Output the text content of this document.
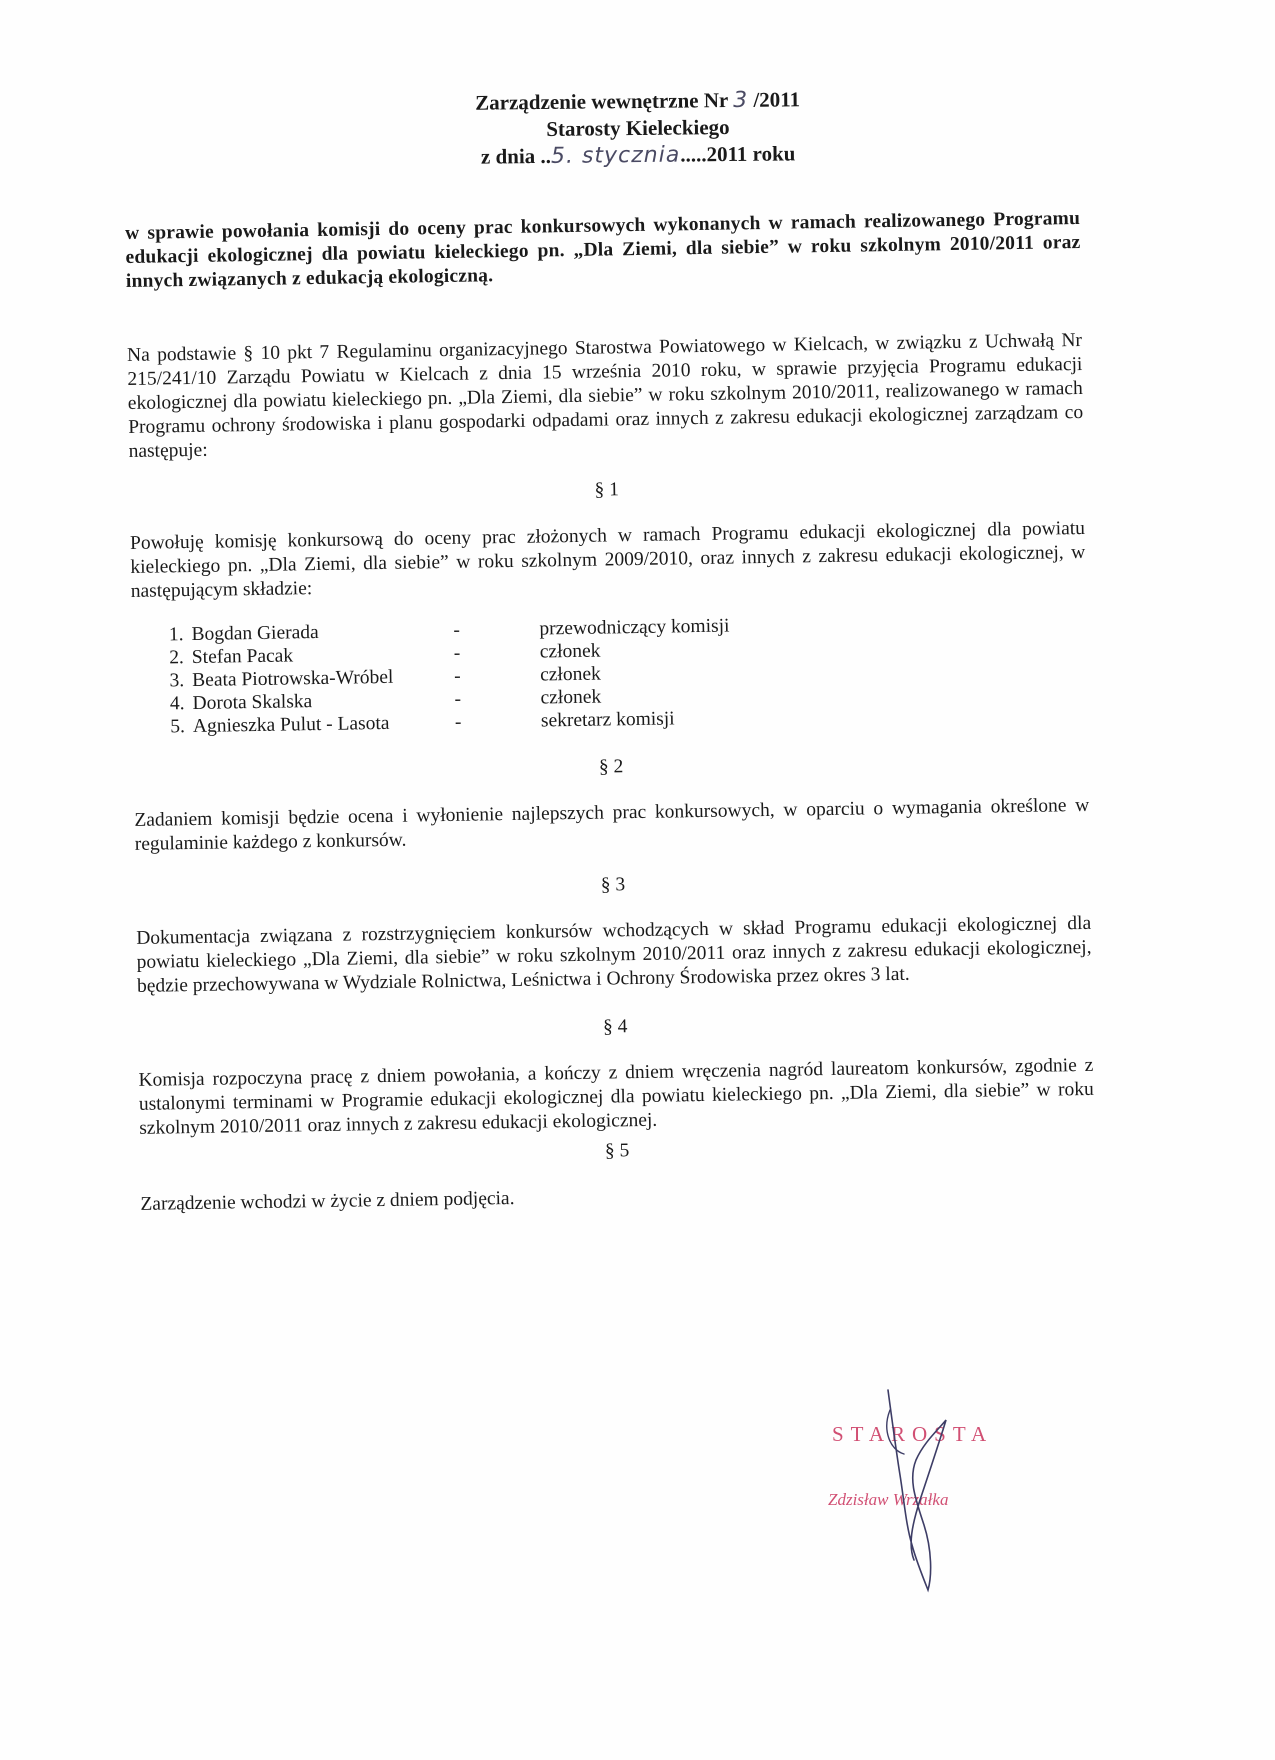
Zarządzenie wewnętrzne Nr 3 /2011
Starosty Kieleckiego
z dnia ..5. stycznia.....2011 roku

w sprawie powołania komisji do oceny prac konkursowych wykonanych w ramach realizowanego Programu edukacji ekologicznej dla powiatu kieleckiego pn. „Dla Ziemi, dla siebie” w roku szkolnym 2010/2011 oraz innych związanych z edukacją ekologiczną.

Na podstawie § 10 pkt 7 Regulaminu organizacyjnego Starostwa Powiatowego w Kielcach, w związku z Uchwałą Nr 215/241/10 Zarządu Powiatu w Kielcach z dnia 15 września 2010 roku, w sprawie przyjęcia Programu edukacji ekologicznej dla powiatu kieleckiego pn. „Dla Ziemi, dla siebie” w roku szkolnym 2010/2011, realizowanego w ramach Programu ochrony środowiska i planu gospodarki odpadami oraz innych z zakresu edukacji ekologicznej zarządzam co następuje:

§ 1

Powołuję komisję konkursową do oceny prac złożonych w ramach Programu edukacji ekologicznej dla powiatu kieleckiego pn. „Dla Ziemi, dla siebie” w roku szkolnym 2009/2010, oraz innych z zakresu edukacji ekologicznej, w następującym składzie:

1. Bogdan Gierada	-	przewodniczący komisji
2. Stefan Pacak	-	członek
3. Beata Piotrowska-Wróbel	-	członek
4. Dorota Skalska	-	członek
5. Agnieszka Pulut - Lasota	-	sekretarz komisji

§ 2

Zadaniem komisji będzie ocena i wyłonienie najlepszych prac konkursowych, w oparciu o wymagania określone w regulaminie każdego z konkursów.

§ 3

Dokumentacja związana z rozstrzygnięciem konkursów wchodzących w skład Programu edukacji ekologicznej dla powiatu kieleckiego „Dla Ziemi, dla siebie” w roku szkolnym 2010/2011 oraz innych z zakresu edukacji ekologicznej, będzie przechowywana w Wydziale Rolnictwa, Leśnictwa i Ochrony Środowiska przez okres 3 lat.

§ 4

Komisja rozpoczyna pracę z dniem powołania, a kończy z dniem wręczenia nagród laureatom konkursów, zgodnie z ustalonymi terminami w Programie edukacji ekologicznej dla powiatu kieleckiego pn. „Dla Ziemi, dla siebie” w roku szkolnym 2010/2011 oraz innych z zakresu edukacji ekologicznej.

§ 5

Zarządzenie wchodzi w życie z dniem podjęcia.

STAROSTA
Zdzisław Wrzałka
